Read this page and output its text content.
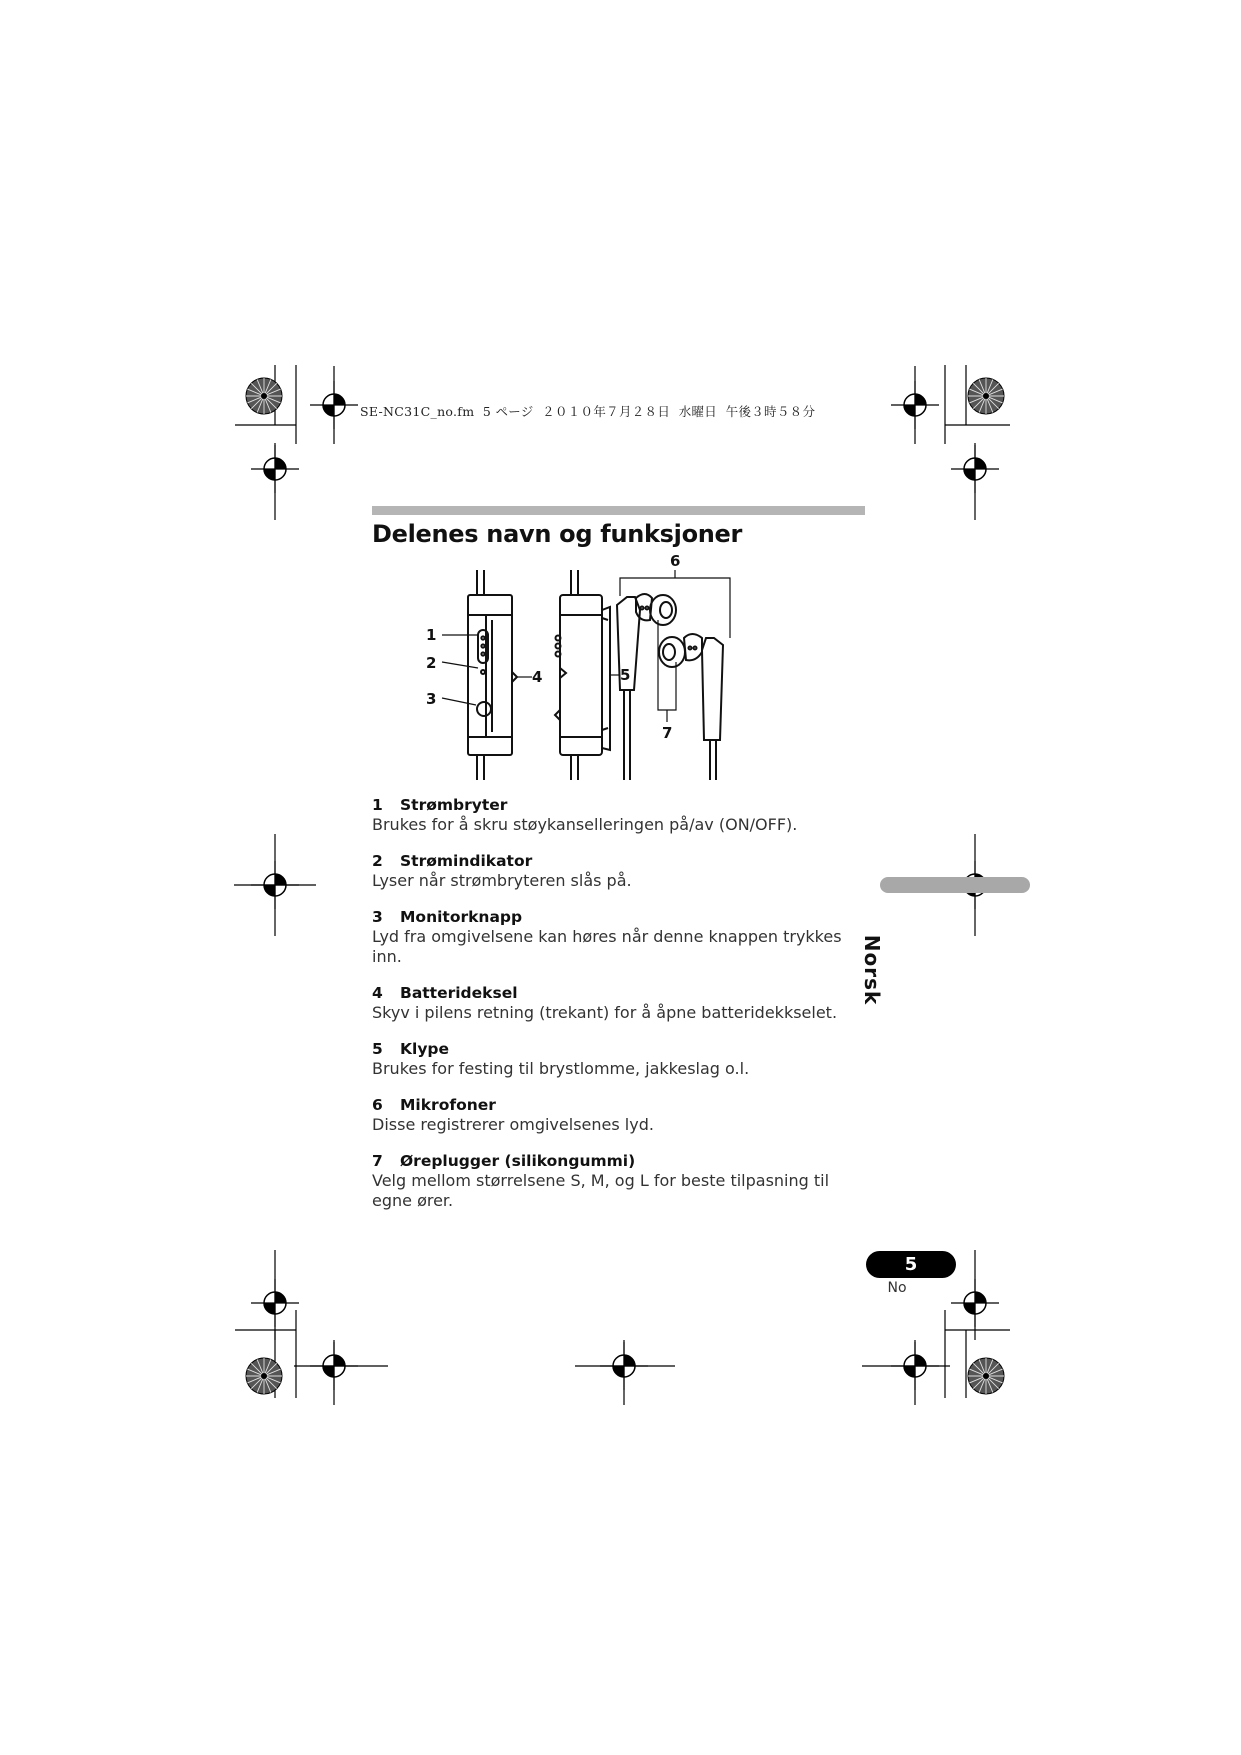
SE-NC31C_no.fm  5 ページ  ２０１０年７月２８日  水曜日  午後３時５８分

Delenes navn og funksjoner
1
2
3
4	5
6
7
1 Strømbryter
Brukes for å skru støykanselleringen på/av (ON/OFF).
2 Strømindikator
Lyser når strømbryteren slås på.
3 Monitorknapp
Lyd fra omgivelsene kan høres når denne knappen trykkes inn.
4 Batterideksel
Skyv i pilens retning (trekant) for å åpne batteridekkselet.
5 Klype
Brukes for festing til brystlomme, jakkeslag o.l.
6 Mikrofoner
Disse registrerer omgivelsenes lyd.
7 Øreplugger (silikongummi)
Velg mellom størrelsene S, M, og L for beste tilpasning til egne ører.

Norsk

5
No
